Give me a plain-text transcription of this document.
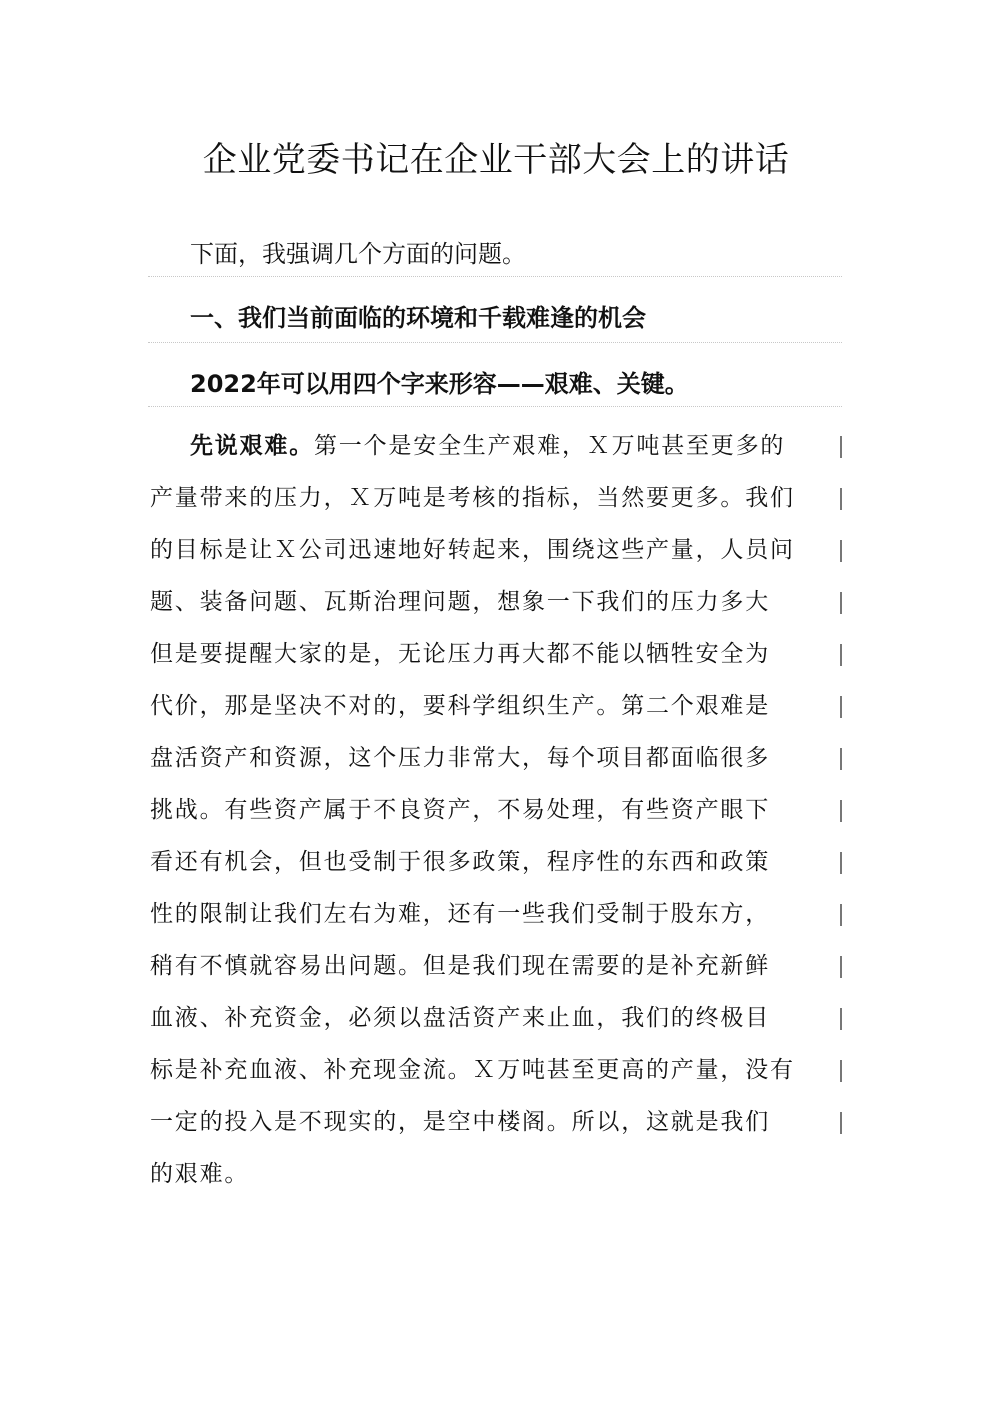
企业党委书记在企业干部大会上的讲话
下面，我强调几个方面的问题。
一、我们当前面临的环境和千载难逢的机会
2022年可以用四个字来形容——艰难、关键。
先说艰难。第一个是安全生产艰难，Ｘ万吨甚至更多的
产量带来的压力，Ｘ万吨是考核的指标，当然要更多。我们
的目标是让Ｘ公司迅速地好转起来，围绕这些产量，人员问
题、装备问题、瓦斯治理问题，想象一下我们的压力多大
但是要提醒大家的是，无论压力再大都不能以牺牲安全为
代价，那是坚决不对的，要科学组织生产。第二个艰难是
盘活资产和资源，这个压力非常大，每个项目都面临很多
挑战。有些资产属于不良资产，不易处理，有些资产眼下
看还有机会，但也受制于很多政策，程序性的东西和政策
性的限制让我们左右为难，还有一些我们受制于股东方，
稍有不慎就容易出问题。但是我们现在需要的是补充新鲜
血液、补充资金，必须以盘活资产来止血，我们的终极目
标是补充血液、补充现金流。Ｘ万吨甚至更高的产量，没有
一定的投入是不现实的，是空中楼阁。所以，这就是我们
的艰难。
